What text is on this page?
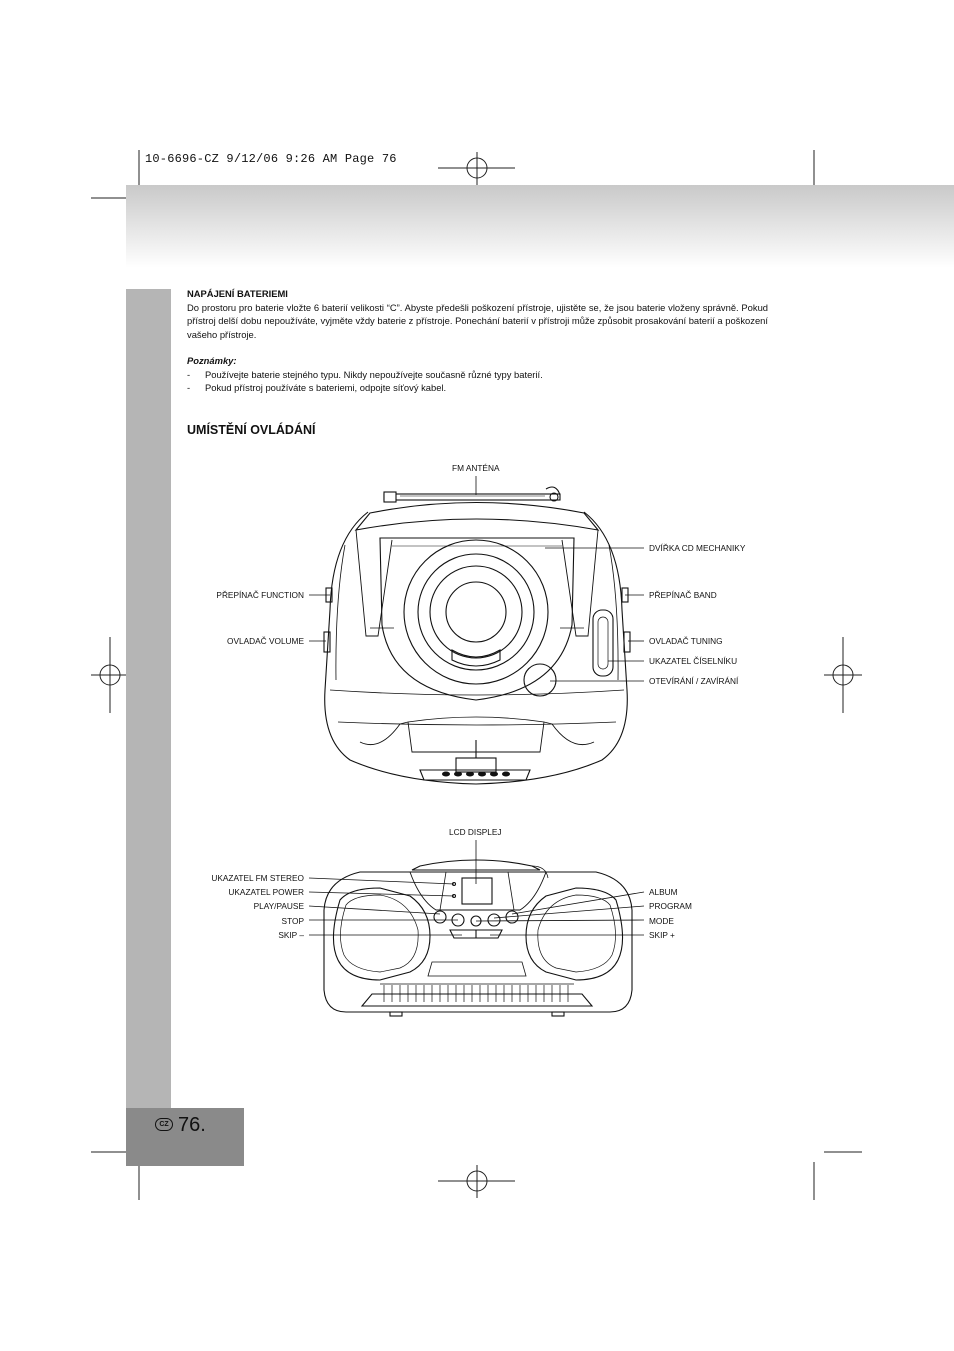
10-6696-CZ 9/12/06 9:26 AM Page 76
NAPÁJENÍ BATERIEMI

Do prostoru pro baterie vložte 6 baterií velikosti “C”. Abyste předešli poškození přístroje, ujistěte se, že jsou baterie vloženy správně. Pokud přístroj delší dobu nepoužíváte, vyjměte vždy baterie z přístroje. Ponechání baterií v přístroji může způsobit prosakování baterií a poškození vašeho přístroje.

Poznámky:
- Používejte baterie stejného typu. Nikdy nepoužívejte současně různé typy baterií.
- Pokud přístroj používáte s bateriemi, odpojte síťový kabel.
UMÍSTĚNÍ OVLÁDÁNÍ
FM ANTÉNA
DVÍŘKA CD MECHANIKY
PŘEPÍNAČ FUNCTION	PŘEPÍNAČ BAND
OVLADAČ VOLUME	OVLADAČ TUNING
UKAZATEL ČÍSELNÍKU
OTEVÍRÁNÍ / ZAVÍRÁNÍ
LCD DISPLEJ
UKAZATEL FM STEREO
UKAZATEL POWER
PLAY/PAUSE
STOP
SKIP –
ALBUM
PROGRAM
MODE
SKIP +
CZ 76.
